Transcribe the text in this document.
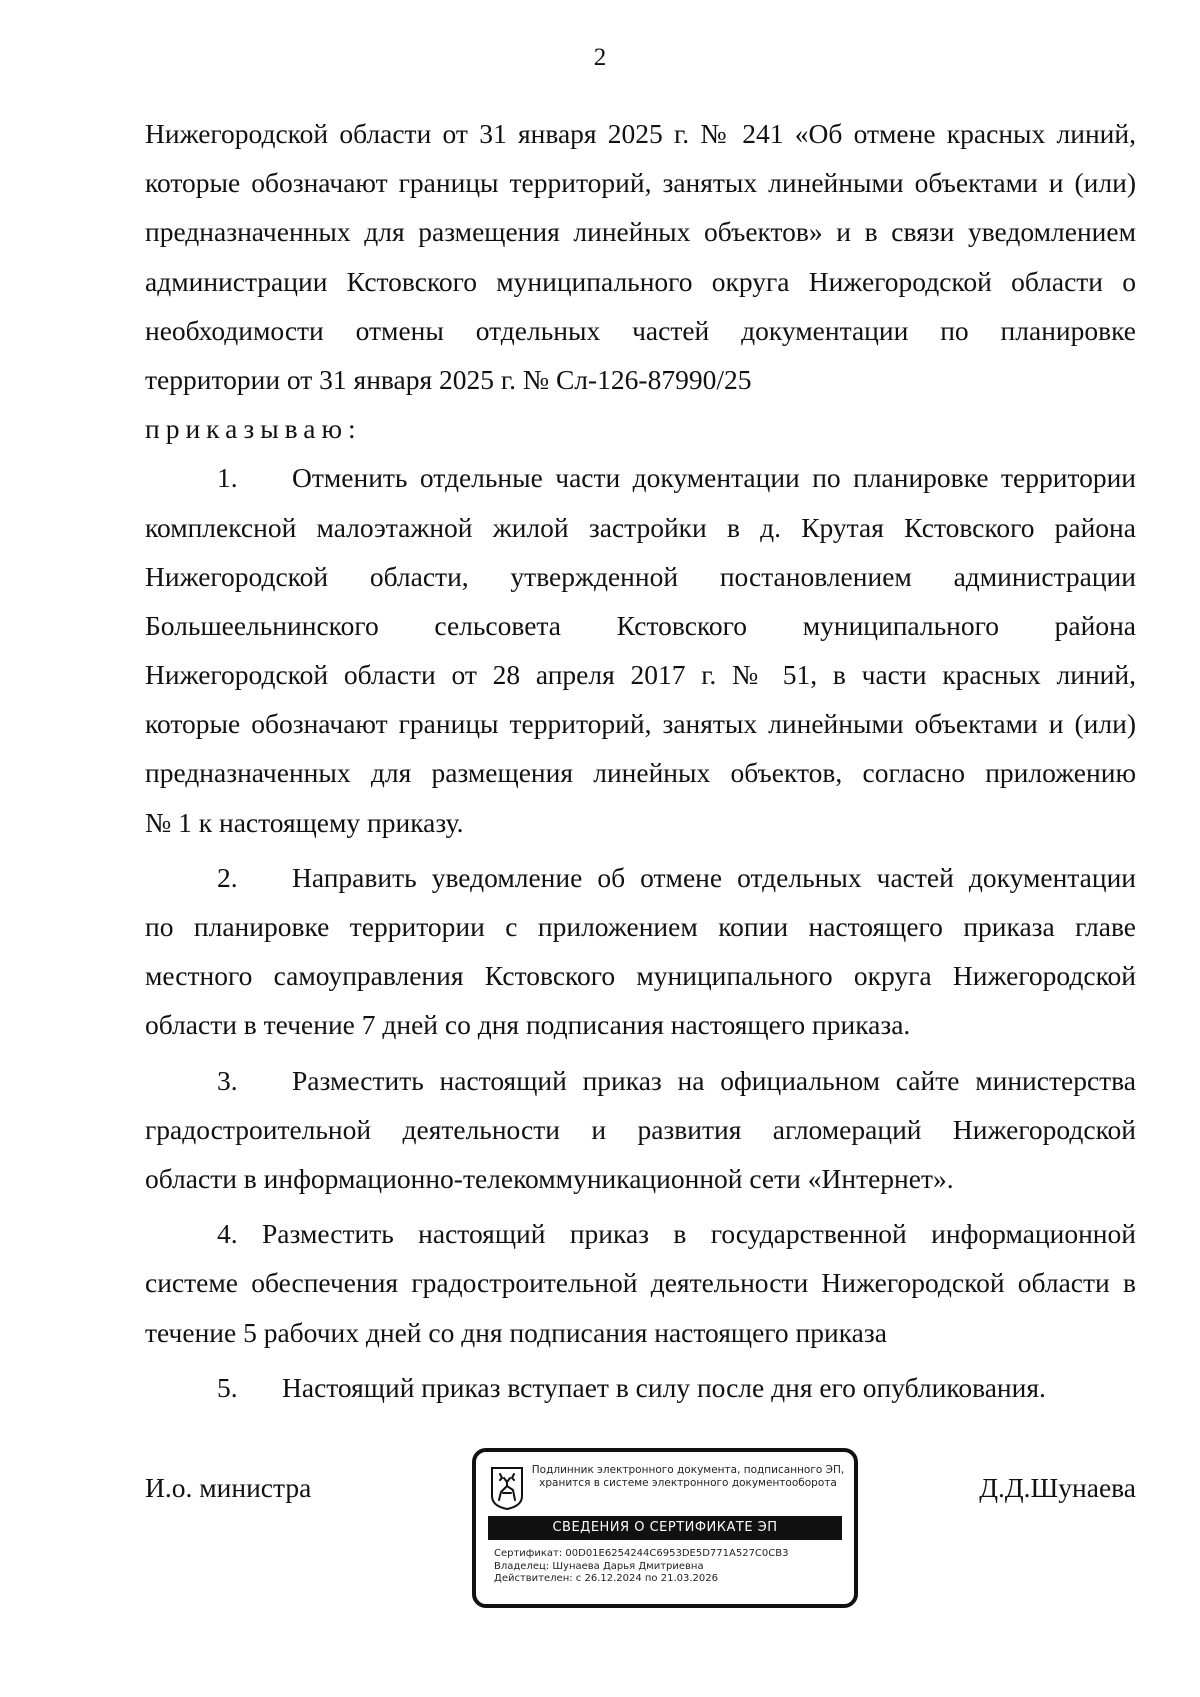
2
Нижегородской области от 31 января 2025 г. № 241 «Об отмене красных линий,
которые обозначают границы территорий, занятых линейными объектами и (или)
предназначенных для размещения линейных объектов» и в связи уведомлением
администрации Кстовского муниципального округа Нижегородской области о
необходимости отмены отдельных частей документации по планировке
территории от 31 января 2025 г. № Сл-126-87990/25
приказываю:
1.	Отменить отдельные части документации по планировке территории
комплексной малоэтажной жилой застройки в д. Крутая Кстовского района
Нижегородской области, утвержденной постановлением администрации
Большеельнинского сельсовета Кстовского муниципального района
Нижегородской области от 28 апреля 2017 г. № 51, в части красных линий,
которые обозначают границы территорий, занятых линейными объектами и (или)
предназначенных для размещения линейных объектов, согласно приложению
№ 1 к настоящему приказу.
2.	Направить уведомление об отмене отдельных частей документации
по планировке территории с приложением копии настоящего приказа главе
местного самоуправления Кстовского муниципального округа Нижегородской
области в течение 7 дней со дня подписания настоящего приказа.
3.	Разместить настоящий приказ на официальном сайте министерства
градостроительной деятельности и развития агломераций Нижегородской
области в информационно-телекоммуникационной сети «Интернет».
4. Разместить настоящий приказ в государственной информационной
системе обеспечения градостроительной деятельности Нижегородской области в
течение 5 рабочих дней со дня подписания настоящего приказа
5.	Настоящий приказ вступает в силу после дня его опубликования.
И.о. министра	Д.Д.Шунаева
Подлинник электронного документа, подписанного ЭП,
хранится в системе электронного документооборота
СВЕДЕНИЯ О СЕРТИФИКАТЕ ЭП
Сертификат: 00D01E6254244C6953DE5D771A527C0CB3
Владелец: Шунаева Дарья Дмитриевна
Действителен: с 26.12.2024 по 21.03.2026
